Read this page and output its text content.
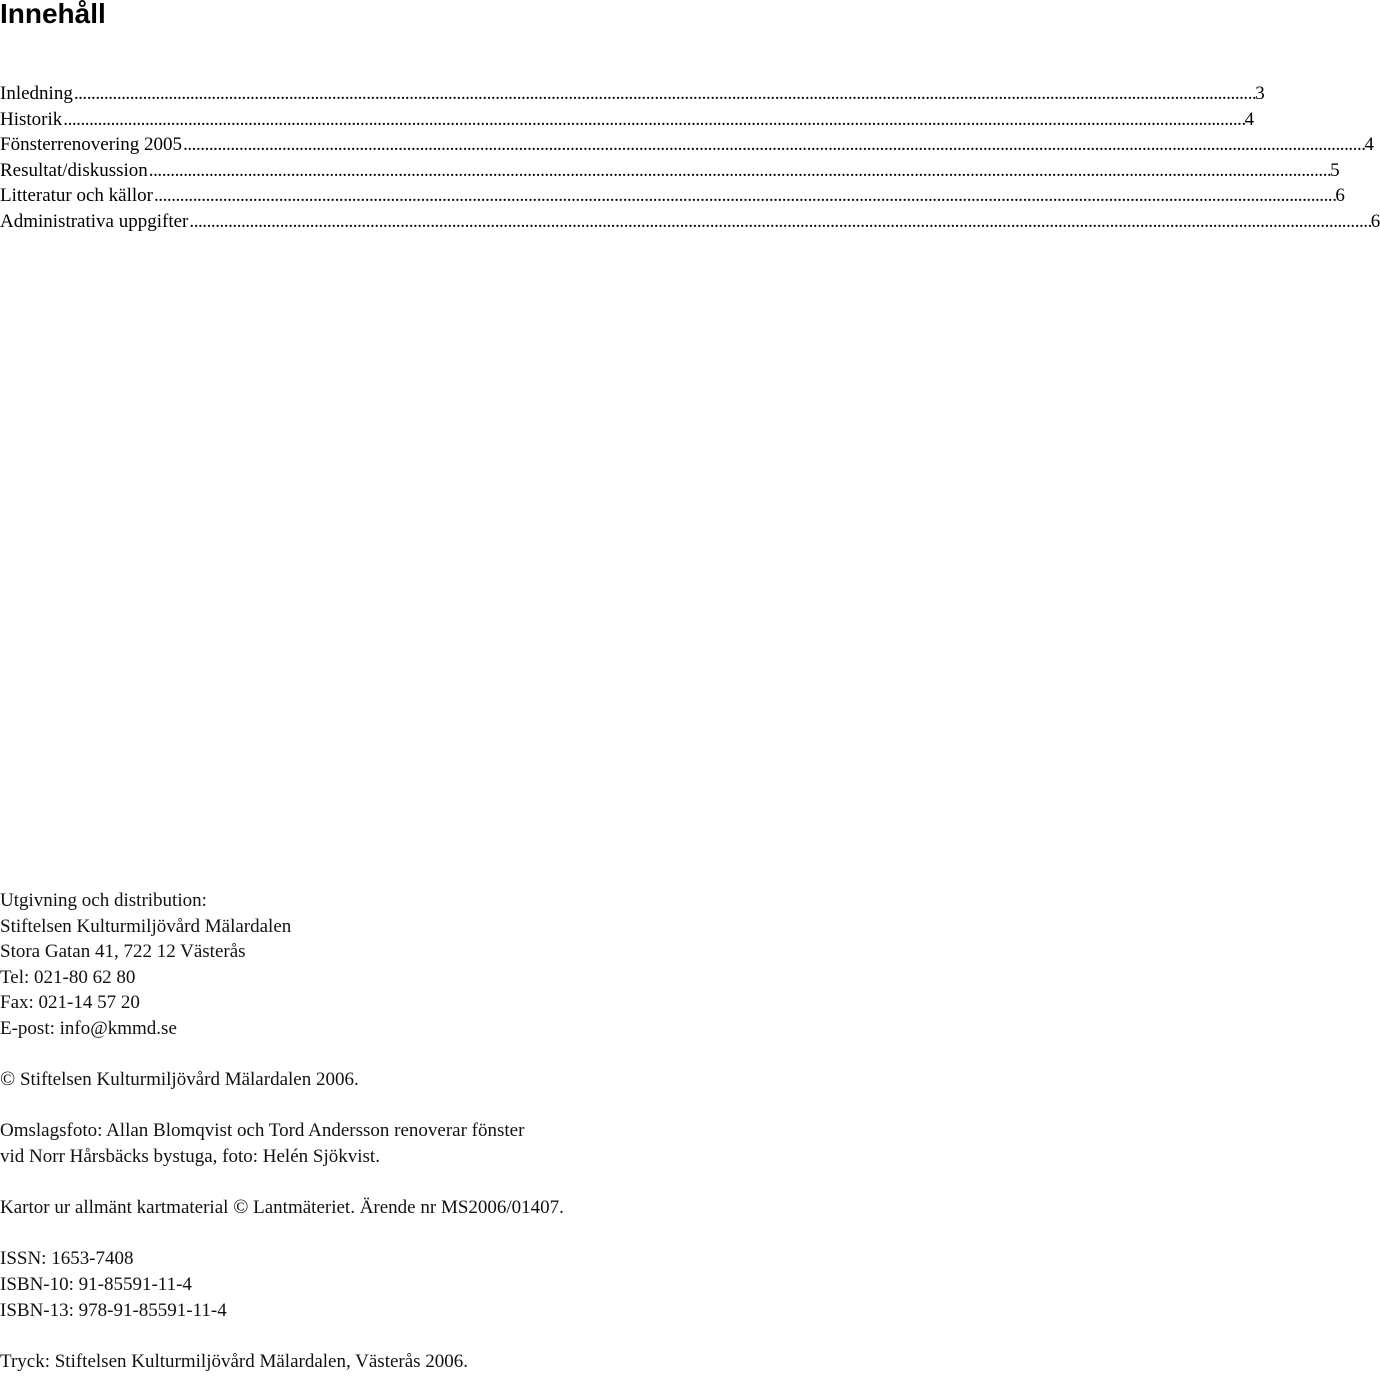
Innehåll
Inledning . . .	3
Historik . . .	4
Fönsterrenovering 2005 . . .	4
Resultat/diskussion . . .	5
Litteratur och källor . . .	6
Administrativa uppgifter . . .	6
Utgivning och distribution:
Stiftelsen Kulturmiljövård Mälardalen
Stora Gatan 41, 722 12 Västerås
Tel: 021-80 62 80
Fax: 021-14 57 20
E-post: info@kmmd.se
© Stiftelsen Kulturmiljövård Mälardalen 2006.
Omslagsfoto: Allan Blomqvist och Tord Andersson renoverar fönster
vid Norr Hårsbäcks bystuga, foto: Helén Sjökvist.
Kartor ur allmänt kartmaterial © Lantmäteriet. Ärende nr MS2006/01407.
ISSN: 1653-7408
ISBN-10: 91-85591-11-4
ISBN-13: 978-91-85591-11-4
Tryck: Stiftelsen Kulturmiljövård Mälardalen, Västerås 2006.
